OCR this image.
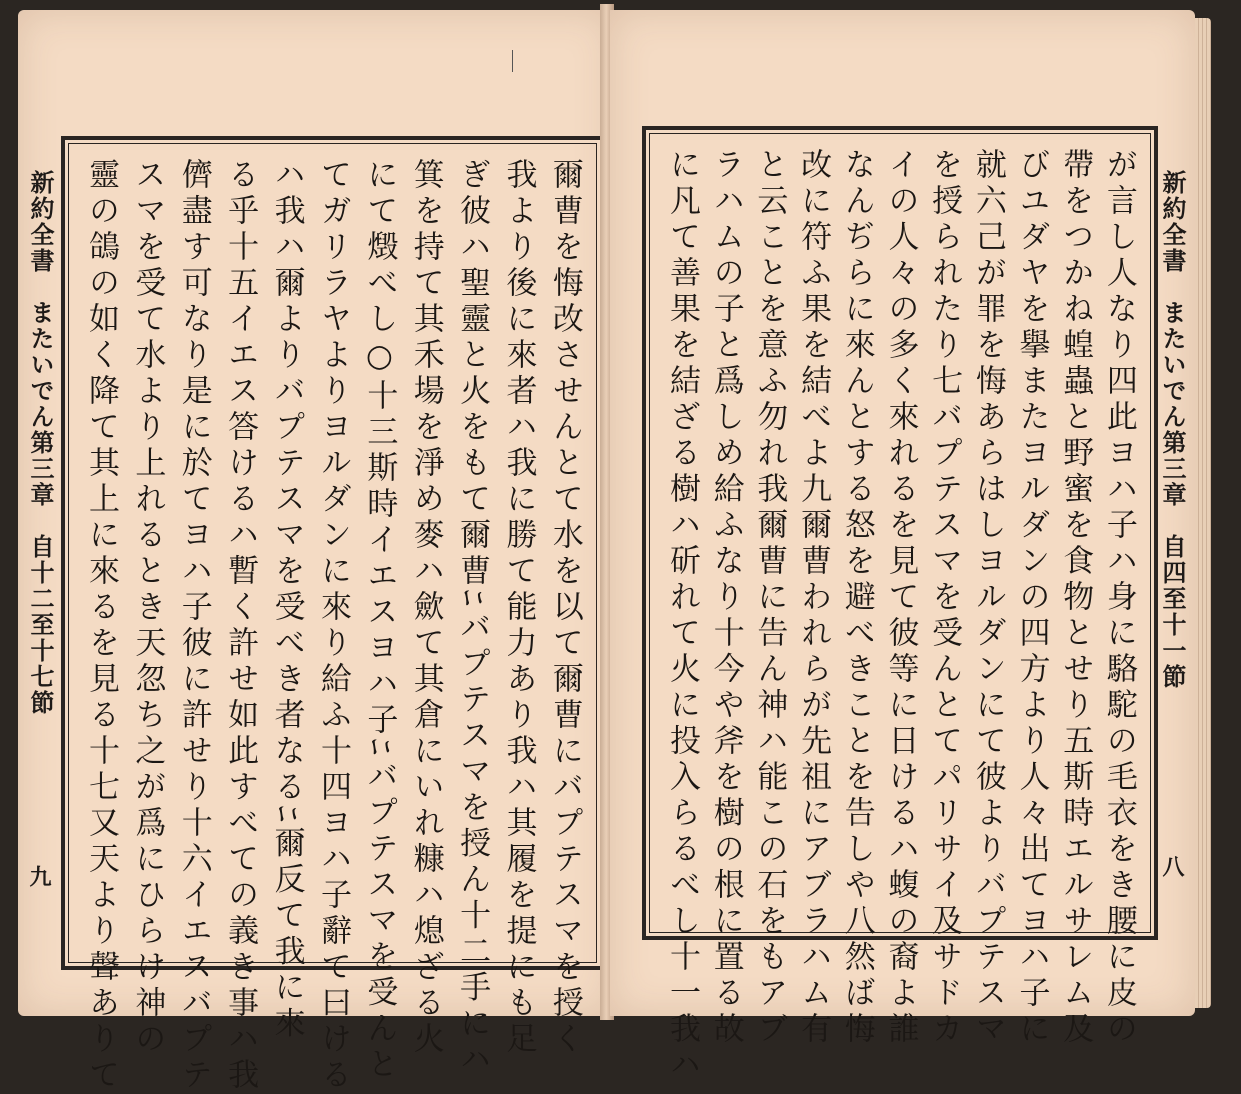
爾曹を悔改させんとて水を以て爾曹にバプテスマを授く
我より後に來者ハ我に勝て能力あり我ハ其履を提にも足
ぎ彼ハ聖靈と火をもて爾曹ﾆバプテスマを授ん十二手にハ
箕を持て其禾場を淨め麥ハ歛て其倉にいれ糠ハ熄ざる火
にて燬べし○十三斯時イエスヨハ子ﾆバプテスマを受んと
てガリラヤよりヨルダンに來り給ふ十四ヨハ子辭て曰ける
ハ我ハ爾よりバプテスマを受べき者なるﾆ爾反て我に來
る乎十五イエス答けるハ暫く許せ如此すべての義き事ハ我
儕盡す可なり是に於てヨハ子彼に許せり十六イエスバプテ
スマを受て水より上れるとき天忽ち之が爲にひらけ神の
靈の鴿の如く降て其上に來るを見る十七又天より聲ありて
新約全書　またいでん第三章　自十二至十七節
九	が言し人なり四此ヨハ子ハ身に駱駝の毛衣をき腰に皮の
帶をつかね蝗蟲と野蜜を食物とせり五斯時エルサレム及
びユダヤを擧またヨルダンの四方より人々出てヨハ子に
就六己が罪を悔あらはしヨルダンにて彼よりバプテスマ
を授られたり七バプテスマを受んとてパリサイ及サドカ
イの人々の多く來れるを見て彼等に日けるハ蝮の裔よ誰
なんぢらに來んとする怒を避べきことを告しや八然ば悔
改に符ふ果を結べよ九爾曹われらが先祖にアブラハム有
と云ことを意ふ勿れ我爾曹に告ん神ハ能この石をもアブ
ラハムの子と爲しめ給ふなり十今や斧を樹の根に置る故
に凡て善果を結ざる樹ハ斫れて火に投入らるべし十一我ハ	新約全書　またいでん第三章　自四至十一節
八
